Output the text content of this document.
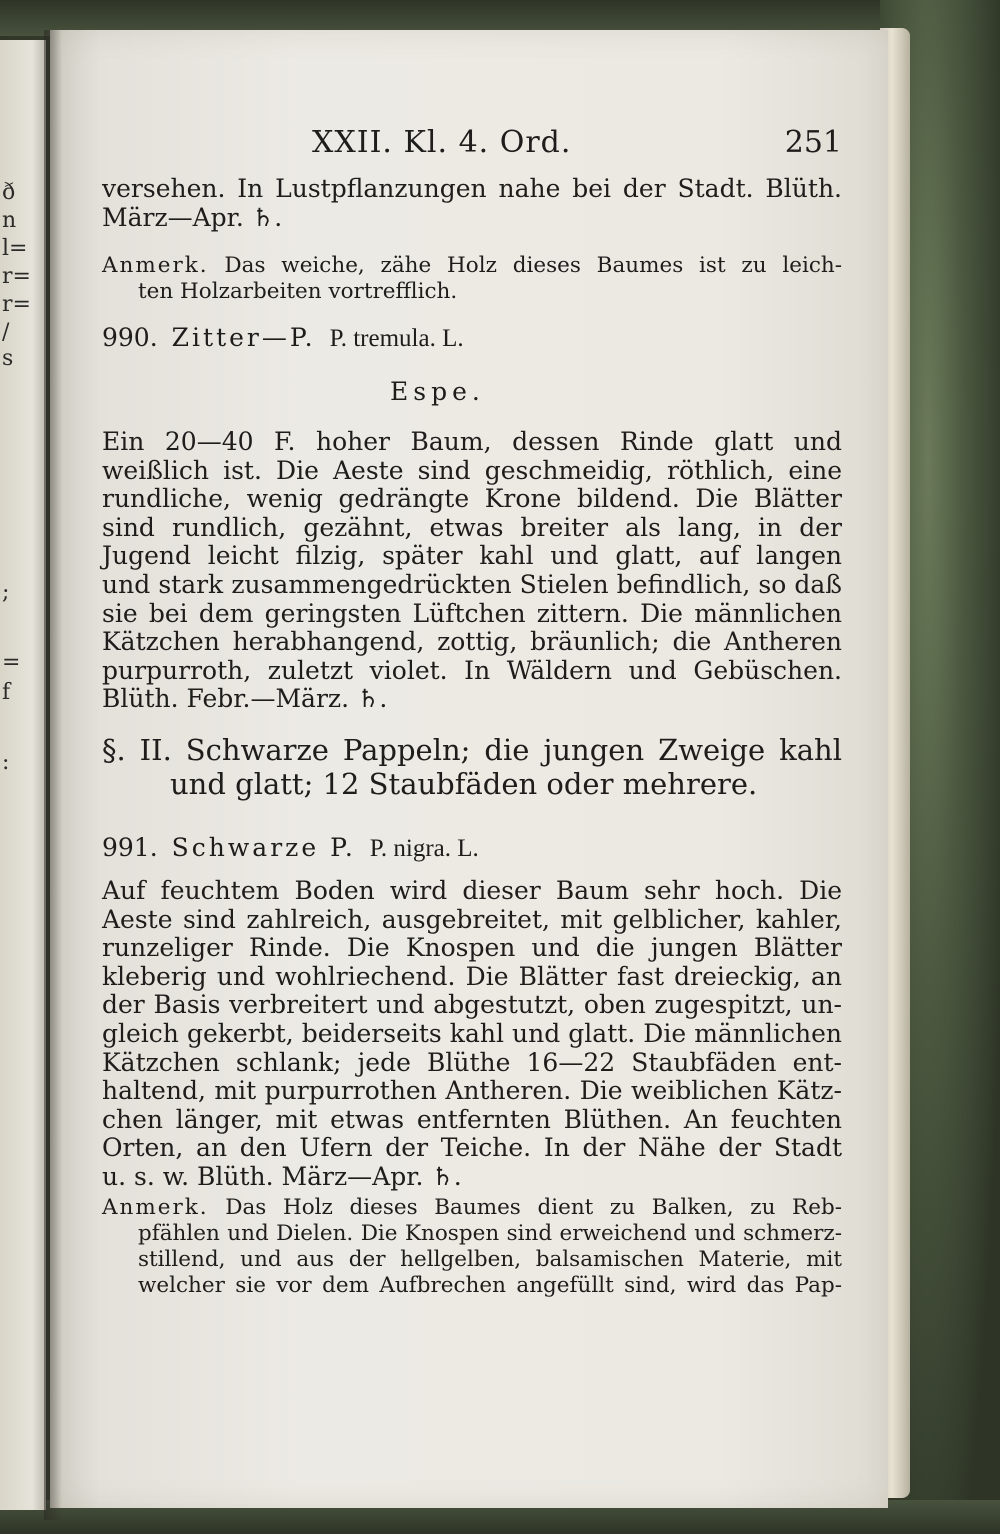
ð
n
l=
r=
r=
/
s
;
=
f
:
XXII. Kl. 4. Ord.	251
versehen. In Lustpflanzungen nahe bei der Stadt. Blüth.
März—Apr. ♄.
Anmerk. Das weiche, zähe Holz dieses Baumes ist zu leich-
ten Holzarbeiten vortrefflich.
990. Zitter—P. P. tremula. L.
Espe.
Ein 20—40 F. hoher Baum, dessen Rinde glatt und
weißlich ist. Die Aeste sind geschmeidig, röthlich, eine
rundliche, wenig gedrängte Krone bildend. Die Blätter
sind rundlich, gezähnt, etwas breiter als lang, in der
Jugend leicht filzig, später kahl und glatt, auf langen
und stark zusammengedrückten Stielen befindlich, so daß
sie bei dem geringsten Lüftchen zittern. Die männlichen
Kätzchen herabhangend, zottig, bräunlich; die Antheren
purpurroth, zuletzt violet. In Wäldern und Gebüschen.
Blüth. Febr.—März. ♄.
§. II. Schwarze Pappeln; die jungen Zweige kahl
und glatt; 12 Staubfäden oder mehrere.
991. Schwarze P. P. nigra. L.
Auf feuchtem Boden wird dieser Baum sehr hoch. Die
Aeste sind zahlreich, ausgebreitet, mit gelblicher, kahler,
runzeliger Rinde. Die Knospen und die jungen Blätter
kleberig und wohlriechend. Die Blätter fast dreieckig, an
der Basis verbreitert und abgestutzt, oben zugespitzt, un-
gleich gekerbt, beiderseits kahl und glatt. Die männlichen
Kätzchen schlank; jede Blüthe 16—22 Staubfäden ent-
haltend, mit purpurrothen Antheren. Die weiblichen Kätz-
chen länger, mit etwas entfernten Blüthen. An feuchten
Orten, an den Ufern der Teiche. In der Nähe der Stadt
u. s. w. Blüth. März—Apr. ♄.
Anmerk. Das Holz dieses Baumes dient zu Balken, zu Reb-
pfählen und Dielen. Die Knospen sind erweichend und schmerz-
stillend, und aus der hellgelben, balsamischen Materie, mit
welcher sie vor dem Aufbrechen angefüllt sind, wird das Pap-
